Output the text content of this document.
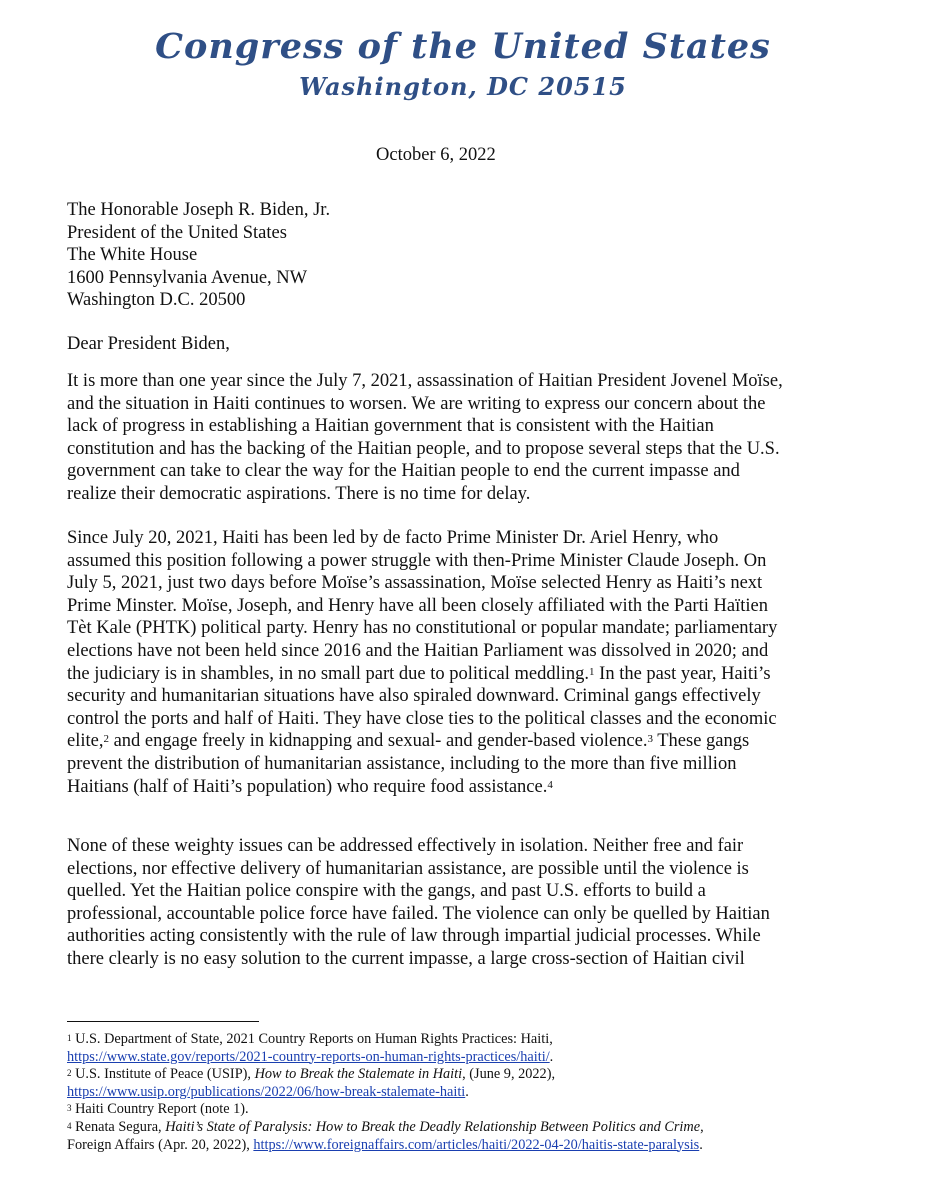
Congress of the United States
Washington, DC 20515
October 6, 2022
The Honorable Joseph R. Biden, Jr.
President of the United States
The White House
1600 Pennsylvania Avenue, NW
Washington D.C. 20500
Dear President Biden,
It is more than one year since the July 7, 2021, assassination of Haitian President Jovenel Moïse,
and the situation in Haiti continues to worsen. We are writing to express our concern about the
lack of progress in establishing a Haitian government that is consistent with the Haitian
constitution and has the backing of the Haitian people, and to propose several steps that the U.S.
government can take to clear the way for the Haitian people to end the current impasse and
realize their democratic aspirations. There is no time for delay.
Since July 20, 2021, Haiti has been led by de facto Prime Minister Dr. Ariel Henry, who
assumed this position following a power struggle with then-Prime Minister Claude Joseph. On
July 5, 2021, just two days before Moïse’s assassination, Moïse selected Henry as Haiti’s next
Prime Minster. Moïse, Joseph, and Henry have all been closely affiliated with the Parti Haïtien
Tèt Kale (PHTK) political party. Henry has no constitutional or popular mandate; parliamentary
elections have not been held since 2016 and the Haitian Parliament was dissolved in 2020; and
the judiciary is in shambles, in no small part due to political meddling.$^1$ In the past year, Haiti’s
security and humanitarian situations have also spiraled downward. Criminal gangs effectively
control the ports and half of Haiti. They have close ties to the political classes and the economic
elite,$^2$ and engage freely in kidnapping and sexual- and gender-based violence.$^3$ These gangs
prevent the distribution of humanitarian assistance, including to the more than five million
Haitians (half of Haiti’s population) who require food assistance.$^4$
None of these weighty issues can be addressed effectively in isolation. Neither free and fair
elections, nor effective delivery of humanitarian assistance, are possible until the violence is
quelled. Yet the Haitian police conspire with the gangs, and past U.S. efforts to build a
professional, accountable police force have failed. The violence can only be quelled by Haitian
authorities acting consistently with the rule of law through impartial judicial processes. While
there clearly is no easy solution to the current impasse, a large cross-section of Haitian civil
$^1$ U.S. Department of State, 2021 Country Reports on Human Rights Practices: Haiti,
https://www.state.gov/reports/2021-country-reports-on-human-rights-practices/haiti/.
$^2$ U.S. Institute of Peace (USIP), How to Break the Stalemate in Haiti, (June 9, 2022),
https://www.usip.org/publications/2022/06/how-break-stalemate-haiti.
$^3$ Haiti Country Report (note 1).
$^4$ Renata Segura, Haiti’s State of Paralysis: How to Break the Deadly Relationship Between Politics and Crime,
Foreign Affairs (Apr. 20, 2022), https://www.foreignaffairs.com/articles/haiti/2022-04-20/haitis-state-paralysis.
